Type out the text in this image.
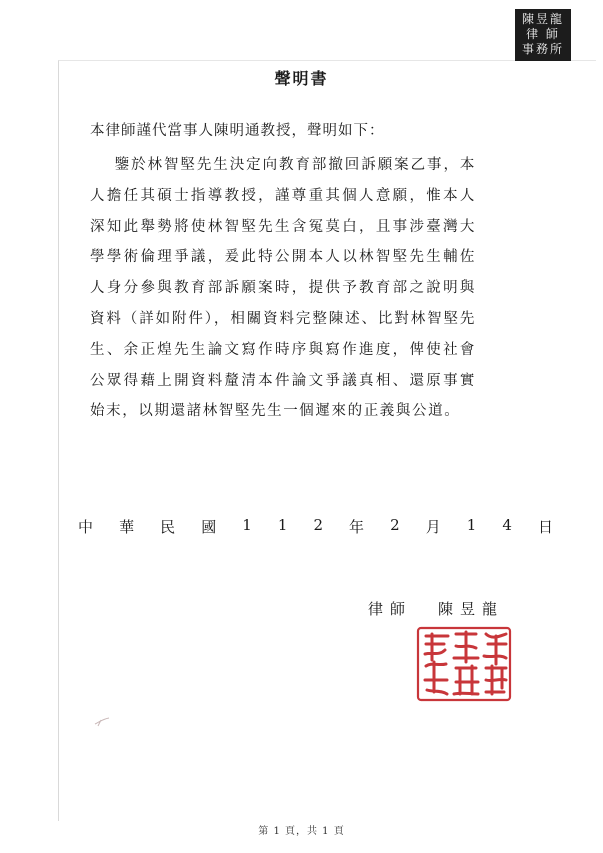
陳昱龍
律 師
事務所
聲明書
本律師謹代當事人陳明通教授，聲明如下：
鑒於林智堅先生決定向教育部撤回訴願案乙事，本人擔任其碩士指導教授，謹尊重其個人意願，惟本人深知此舉勢將使林智堅先生含冤莫白，且事涉臺灣大學學術倫理爭議，爰此特公開本人以林智堅先生輔佐人身分參與教育部訴願案時，提供予教育部之說明與資料（詳如附件），相關資料完整陳述、比對林智堅先生、余正煌先生論文寫作時序與寫作進度，俾使社會公眾得藉上開資料釐清本件論文爭議真相、還原事實始末，以期還諸林智堅先生一個遲來的正義與公道。
中 華 民 國 1 1 2 年 2 月 1 4 日
律師 陳昱龍
第 1 頁，共 1 頁
